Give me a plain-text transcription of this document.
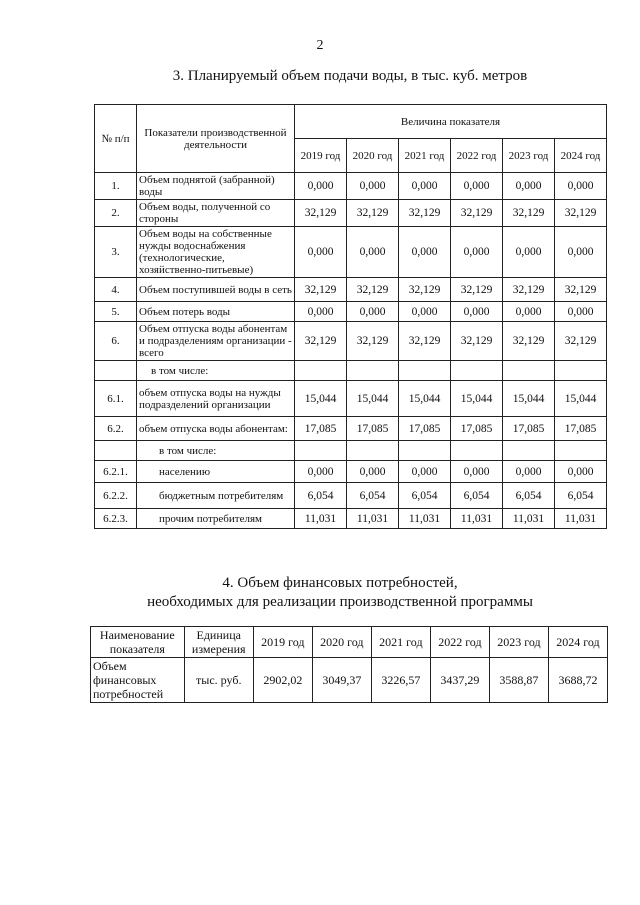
2
3. Планируемый объем подачи воды, в тыс. куб. метров
№ п/п	Показатели производственной деятельности	Величина показателя					
		2019 год	2020 год	2021 год	2022 год	2023 год	2024 год
1.	Объем поднятой (забранной) воды	0,000	0,000	0,000	0,000	0,000	0,000
2.	Объем воды, полученной со стороны	32,129	32,129	32,129	32,129	32,129	32,129
3.	Объем воды на собственные нужды водоснабжения (технологические, хозяйственно-питьевые)	0,000	0,000	0,000	0,000	0,000	0,000
4.	Объем поступившей воды в сеть	32,129	32,129	32,129	32,129	32,129	32,129
5.	Объем потерь воды	0,000	0,000	0,000	0,000	0,000	0,000
6.	Объем отпуска воды абонентам и подразделениям организации - всего	32,129	32,129	32,129	32,129	32,129	32,129
	в том числе:						
6.1.	объем отпуска воды на нужды подразделений организации	15,044	15,044	15,044	15,044	15,044	15,044
6.2.	объем отпуска воды абонентам:	17,085	17,085	17,085	17,085	17,085	17,085
	в том числе:						
6.2.1.	населению	0,000	0,000	0,000	0,000	0,000	0,000
6.2.2.	бюджетным потребителям	6,054	6,054	6,054	6,054	6,054	6,054
6.2.3.	прочим потребителям	11,031	11,031	11,031	11,031	11,031	11,031
4. Объем финансовых потребностей,
необходимых для реализации производственной программы
Наименование показателя	Единица измерения	2019 год	2020 год	2021 год	2022 год	2023 год	2024 год
Объем финансовых потребностей	тыс. руб.	2902,02	3049,37	3226,57	3437,29	3588,87	3688,72
